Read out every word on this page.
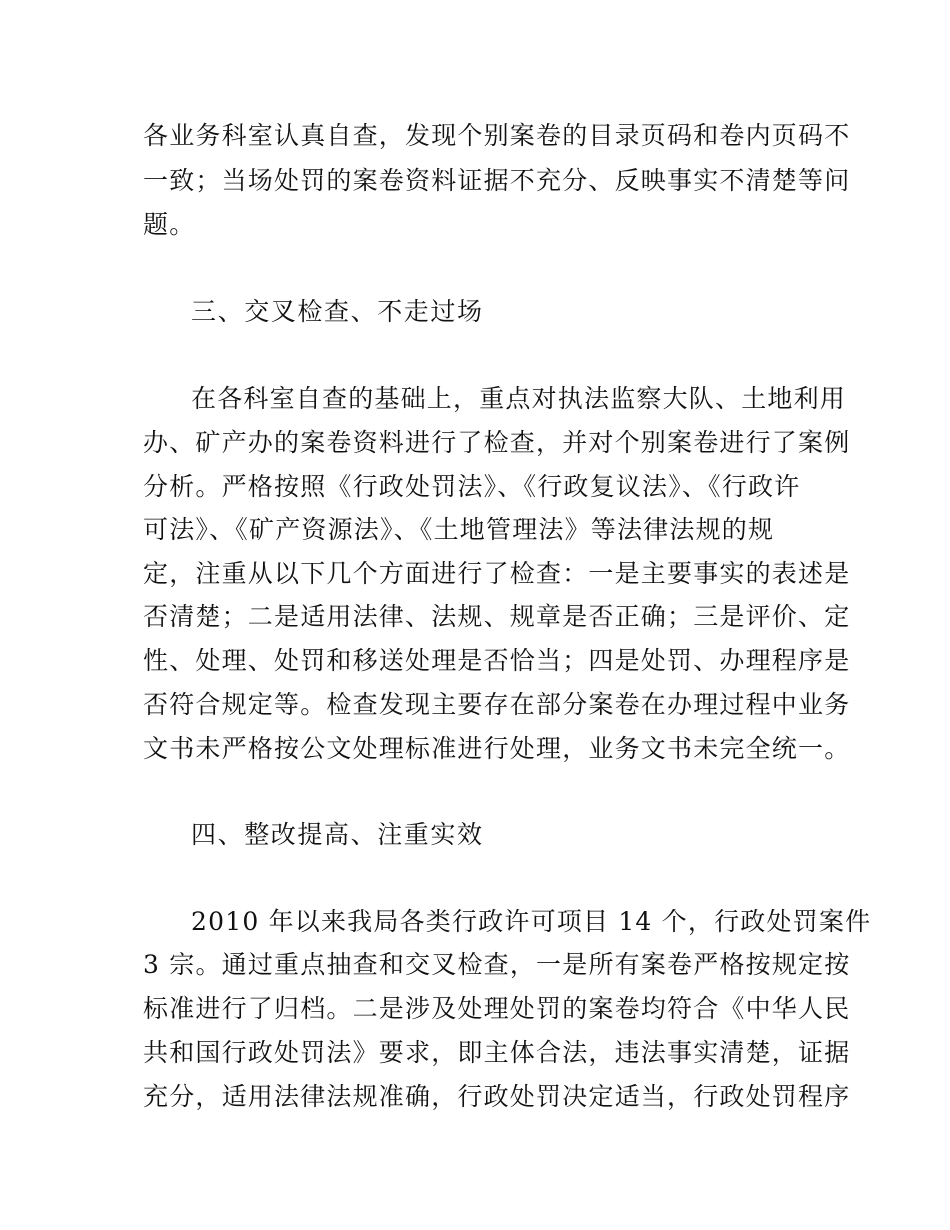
各业务科室认真自查，发现个别案卷的目录页码和卷内页码不
一致；当场处罚的案卷资料证据不充分、反映事实不清楚等问
题。
三、交叉检查、不走过场
在各科室自查的基础上，重点对执法监察大队、土地利用
办、矿产办的案卷资料进行了检查，并对个别案卷进行了案例
分析。严格按照《行政处罚法》、《行政复议法》、《行政许
可法》、《矿产资源法》、《土地管理法》等法律法规的规
定，注重从以下几个方面进行了检查：一是主要事实的表述是
否清楚；二是适用法律、法规、规章是否正确；三是评价、定
性、处理、处罚和移送处理是否恰当；四是处罚、办理程序是
否符合规定等。检查发现主要存在部分案卷在办理过程中业务
文书未严格按公文处理标准进行处理，业务文书未完全统一。
四、整改提高、注重实效
2010 年以来我局各类行政许可项目 14 个，行政处罚案件
3 宗。通过重点抽查和交叉检查，一是所有案卷严格按规定按
标准进行了归档。二是涉及处理处罚的案卷均符合《中华人民
共和国行政处罚法》要求，即主体合法，违法事实清楚，证据
充分，适用法律法规准确，行政处罚决定适当，行政处罚程序
